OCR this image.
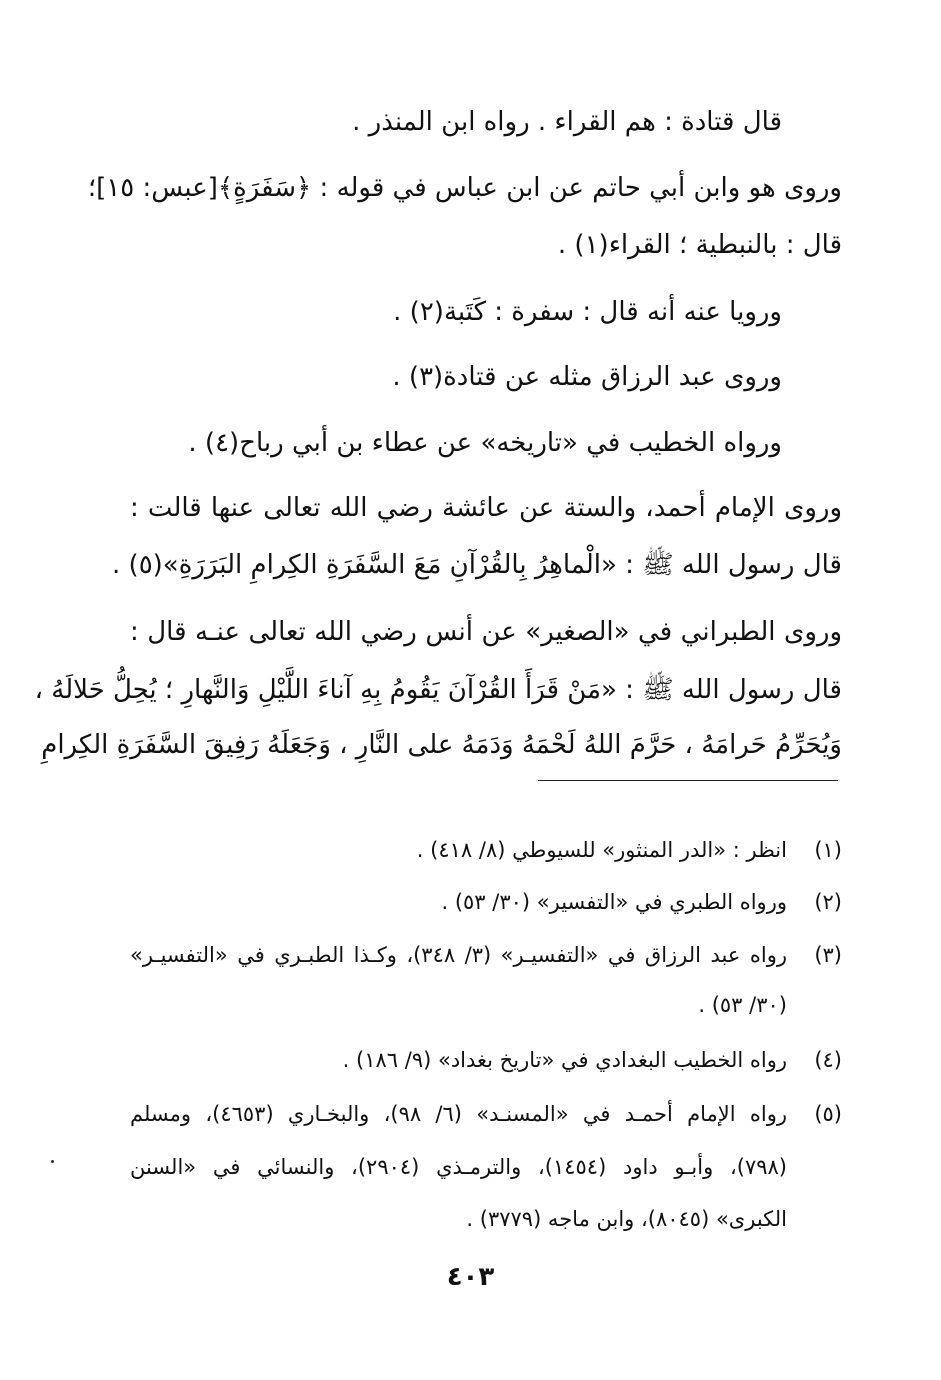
قال قتادة : هم القراء . رواه ابن المنذر .
وروى هو وابن أبي حاتم عن ابن عباس في قوله : ﴿سَفَرَةٍ﴾[عبس: ١٥]؛
قال : بالنبطية ؛ القراء(١) .
ورويا عنه أنه قال : سفرة : كَتَبة(٢) .
وروى عبد الرزاق مثله عن قتادة(٣) .
ورواه الخطيب في «تاريخه» عن عطاء بن أبي رباح(٤) .
وروى الإمام أحمد، والستة عن عائشة رضي الله تعالى عنها قالت :
قال رسول الله ﷺ : «الْماهِرُ بِالقُرْآنِ مَعَ السَّفَرَةِ الكِرامِ البَرَرَةِ»(٥) .
وروى الطبراني في «الصغير» عن أنس رضي الله تعالى عنـه قال :
قال رسول الله ﷺ : «مَنْ قَرَأَ القُرْآنَ يَقُومُ بِهِ آناءَ اللَّيْلِ وَالنَّهارِ ؛ يُحِلُّ حَلالَهُ ،
وَيُحَرِّمُ حَرامَهُ ، حَرَّمَ اللهُ لَحْمَهُ وَدَمَهُ على النَّارِ ، وَجَعَلَهُ رَفِيقَ السَّفَرَةِ الكِرامِ
(١)
انظر : «الدر المنثور» للسيوطي (٨/ ٤١٨) .
(٢)
ورواه الطبري في «التفسير» (٣٠/ ٥٣) .
(٣)
رواه عبد الرزاق في «التفسيـر» (٣/ ٣٤٨)، وكـذا الطبـري في «التفسيـر»
(٣٠/ ٥٣) .
(٤)
رواه الخطيب البغدادي في «تاريخ بغداد» (٩/ ١٨٦) .
(٥)
رواه الإمام أحمـد في «المسنـد» (٦/ ٩٨)، والبخـاري (٤٦٥٣)، ومسلم
(٧٩٨)، وأبـو داود (١٤٥٤)، والترمـذي (٢٩٠٤)، والنسائي في «السنن
الكبرى» (٨٠٤٥)، وابن ماجه (٣٧٧٩) .
٤٠٣
